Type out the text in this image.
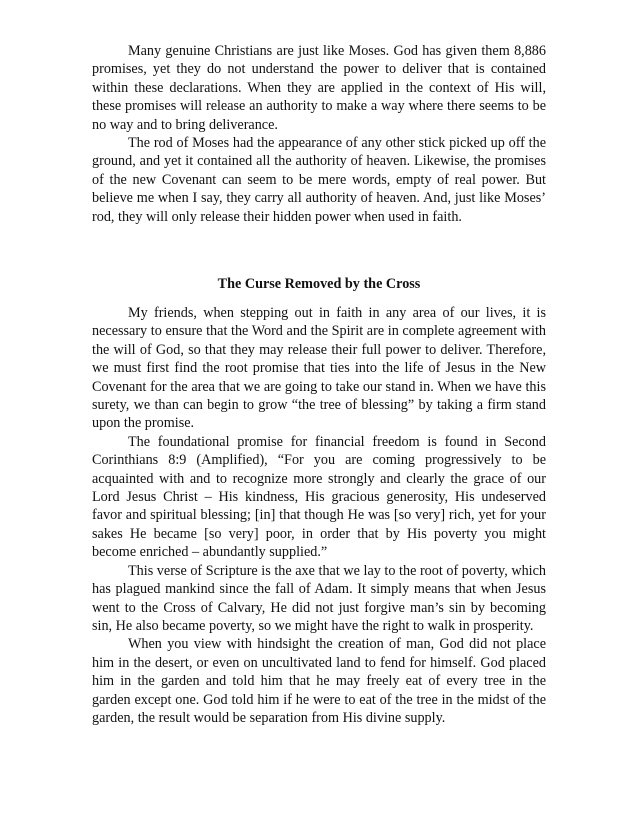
Many genuine Christians are just like Moses. God has given them 8,886 promises, yet they do not understand the power to deliver that is contained within these declarations. When they are applied in the context of His will, these promises will release an authority to make a way where there seems to be no way and to bring deliverance.

The rod of Moses had the appearance of any other stick picked up off the ground, and yet it contained all the authority of heaven. Likewise, the promises of the new Covenant can seem to be mere words, empty of real power. But believe me when I say, they carry all authority of heaven. And, just like Moses’ rod, they will only release their hidden power when used in faith.

The Curse Removed by the Cross

My friends, when stepping out in faith in any area of our lives, it is necessary to ensure that the Word and the Spirit are in complete agreement with the will of God, so that they may release their full power to deliver. Therefore, we must first find the root promise that ties into the life of Jesus in the New Covenant for the area that we are going to take our stand in. When we have this surety, we than can begin to grow “the tree of blessing” by taking a firm stand upon the promise.

The foundational promise for financial freedom is found in Second Corinthians 8:9 (Amplified), “For you are coming progressively to be acquainted with and to recognize more strongly and clearly the grace of our Lord Jesus Christ – His kindness, His gracious generosity, His undeserved favor and spiritual blessing; [in] that though He was [so very] rich, yet for your sakes He became [so very] poor, in order that by His poverty you might become enriched – abundantly supplied.”

This verse of Scripture is the axe that we lay to the root of poverty, which has plagued mankind since the fall of Adam. It simply means that when Jesus went to the Cross of Calvary, He did not just forgive man’s sin by becoming sin, He also became poverty, so we might have the right to walk in prosperity.

When you view with hindsight the creation of man, God did not place him in the desert, or even on uncultivated land to fend for himself. God placed him in the garden and told him that he may freely eat of every tree in the garden except one. God told him if he were to eat of the tree in the midst of the garden, the result would be separation from His divine supply.
